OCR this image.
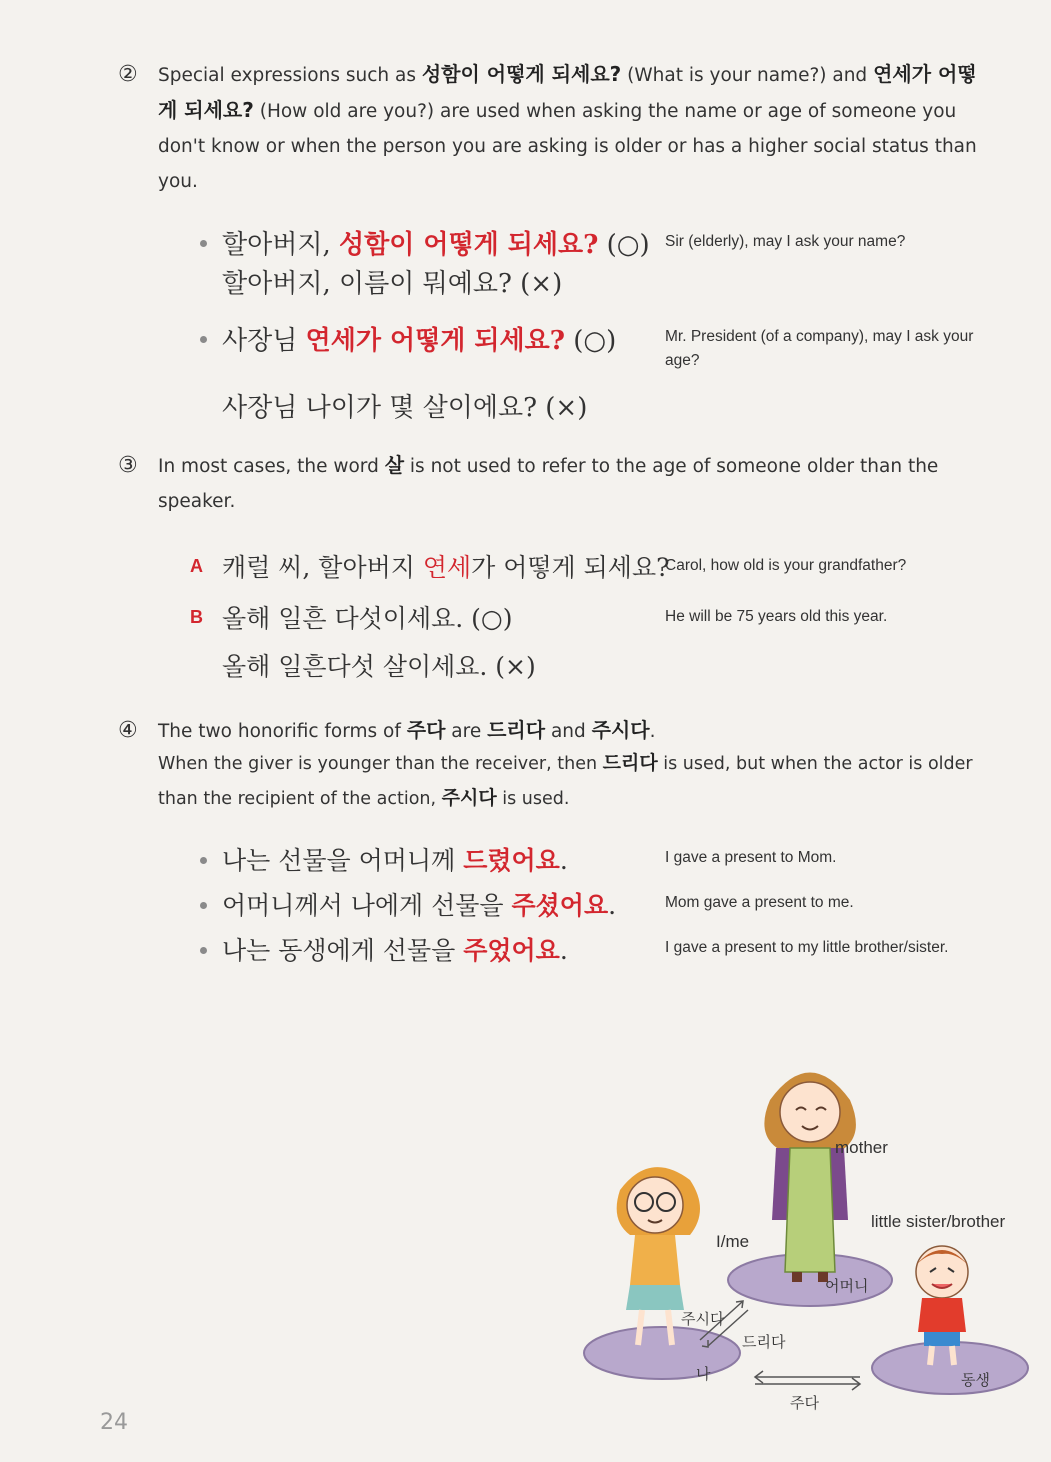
② Special expressions such as 성함이 어떻게 되세요? (What is your name?) and 연세가 어떻게 되세요? (How old are you?) are used when asking the name or age of someone you don't know or when the person you are asking is older or has a higher social status than you.
할아버지, 성함이 어떻게 되세요? (○) Sir (elderly), may I ask your name?
할아버지, 이름이 뭐예요? (×)
사장님 연세가 어떻게 되세요? (○)	Mr. President (of a company), may I ask your age?
사장님 나이가 몇 살이에요? (×)
③ In most cases, the word 살 is not used to refer to the age of someone older than the speaker.
A 캐럴 씨, 할아버지 연세가 어떻게 되세요?
Carol, how old is your grandfather?
B 올해 일흔 다섯이세요. (○)	He will be 75 years old this year.
올해 일흔다섯 살이세요. (×)
④ The two honorific forms of 주다 are 드리다 and 주시다.
When the giver is younger than the receiver, then 드리다 is used, but when the actor is older than the recipient of the action, 주시다 is used.
나는 선물을 어머니께 드렸어요.	I gave a present to Mom.
어머니께서 나에게 선물을 주셨어요.	Mom gave a present to me.
나는 동생에게 선물을 주었어요.	I gave a present to my little brother/sister.
mother
little sister/brother
I/me
어머니
나	동생
주시다
드리다
주다
24
